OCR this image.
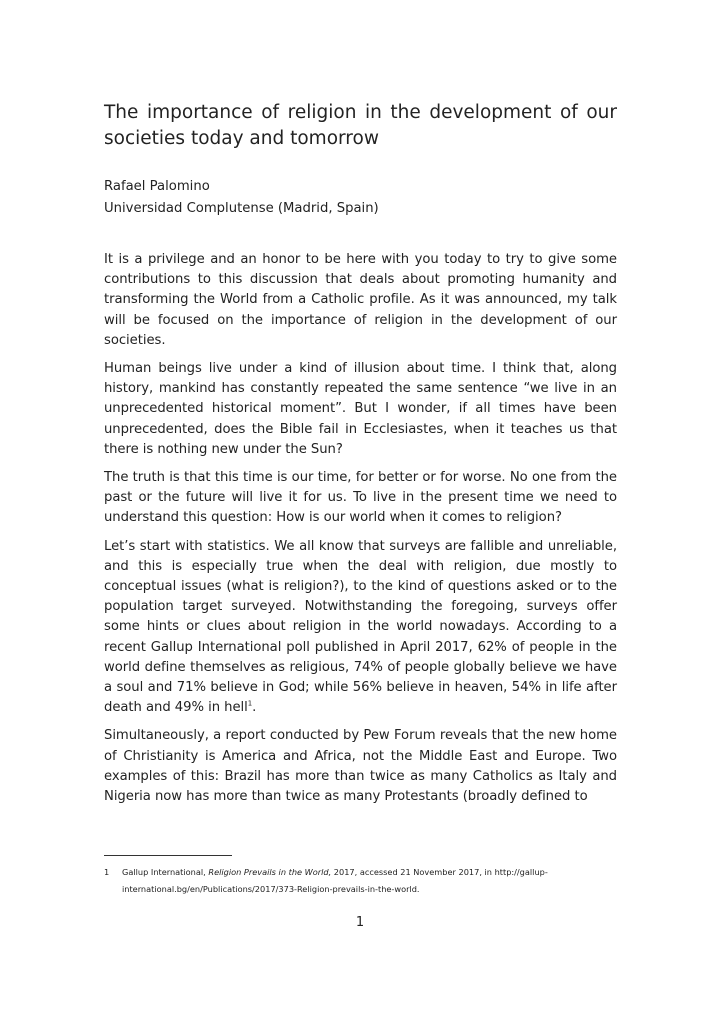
The importance of religion in the development of our societies today and tomorrow
Rafael Palomino
Universidad Complutense (Madrid, Spain)

It is a privilege and an honor to be here with you today to try to give some contributions to this discussion that deals about promoting humanity and transforming the World from a Catholic profile. As it was announced, my talk will be focused on the importance of religion in the development of our societies.

Human beings live under a kind of illusion about time. I think that, along history, mankind has constantly repeated the same sentence “we live in an unprecedented historical moment”. But I wonder, if all times have been unprecedented, does the Bible fail in Ecclesiastes, when it teaches us that there is nothing new under the Sun?

The truth is that this time is our time, for better or for worse. No one from the past or the future will live it for us. To live in the present time we need to understand this question: How is our world when it comes to religion?

Let’s start with statistics. We all know that surveys are fallible and unreliable, and this is especially true when the deal with religion, due mostly to conceptual issues (what is religion?), to the kind of questions asked or to the population target surveyed. Notwithstanding the foregoing, surveys offer some hints or clues about religion in the world nowadays. According to a recent Gallup International poll published in April 2017, 62% of people in the world define themselves as religious, 74% of people globally believe we have a soul and 71% believe in God; while 56% believe in heaven, 54% in life after death and 49% in hell$^1$.

Simultaneously, a report conducted by Pew Forum reveals that the new home of Christianity is America and Africa, not the Middle East and Europe. Two examples of this: Brazil has more than twice as many Catholics as Italy and Nigeria now has more than twice as many Protestants (broadly defined to

1 Gallup International, Religion Prevails in the World, 2017, accessed 21 November 2017, in http://gallup-
international.bg/en/Publications/2017/373-Religion-prevails-in-the-world.
1
